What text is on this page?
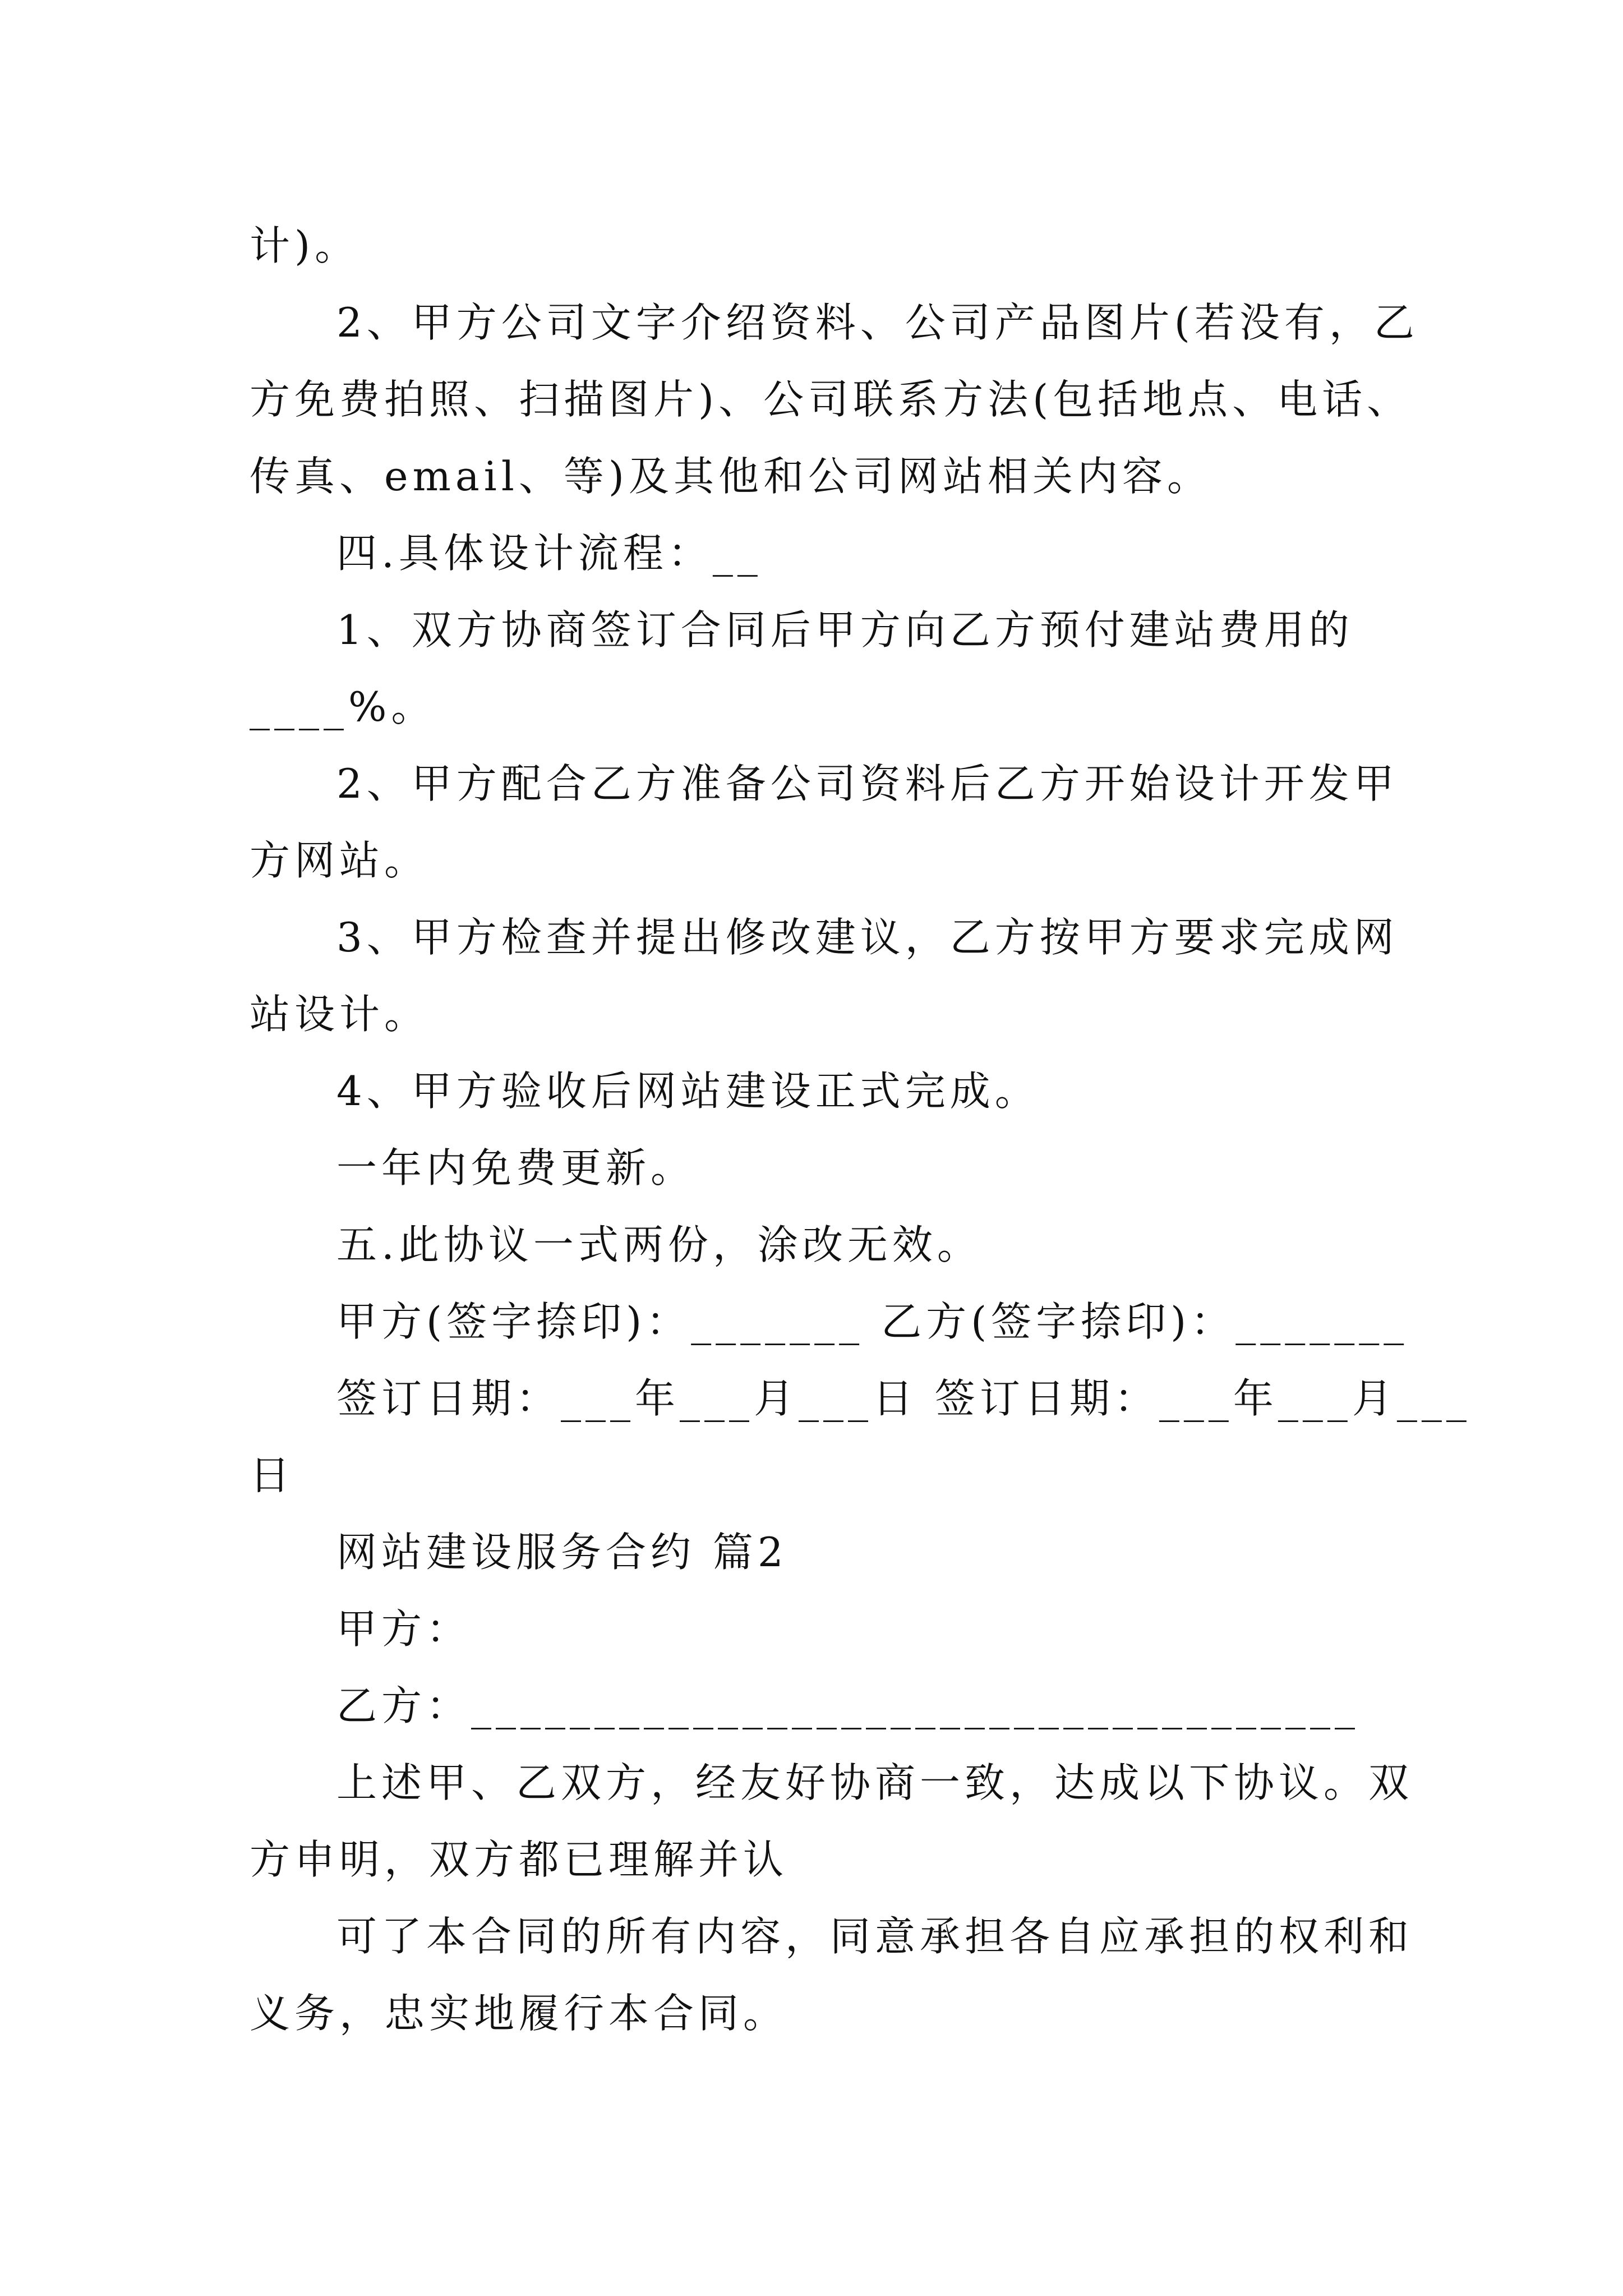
计)。
2、甲方公司文字介绍资料、公司产品图片(若没有，乙
方免费拍照、扫描图片)、公司联系方法(包括地点、电话、
传真、email、等)及其他和公司网站相关内容。
四.具体设计流程：__
1、双方协商签订合同后甲方向乙方预付建站费用的
____%。
2、甲方配合乙方准备公司资料后乙方开始设计开发甲
方网站。
3、甲方检查并提出修改建议，乙方按甲方要求完成网
站设计。
4、甲方验收后网站建设正式完成。
一年内免费更新。
五.此协议一式两份，涂改无效。
甲方(签字捺印)：_______ 乙方(签字捺印)：_______
签订日期：___年___月___日 签订日期：___年___月___
日
网站建设服务合约 篇2
甲方：
乙方：____________________________________
上述甲、乙双方，经友好协商一致，达成以下协议。双
方申明，双方都已理解并认
可了本合同的所有内容，同意承担各自应承担的权利和
义务，忠实地履行本合同。
